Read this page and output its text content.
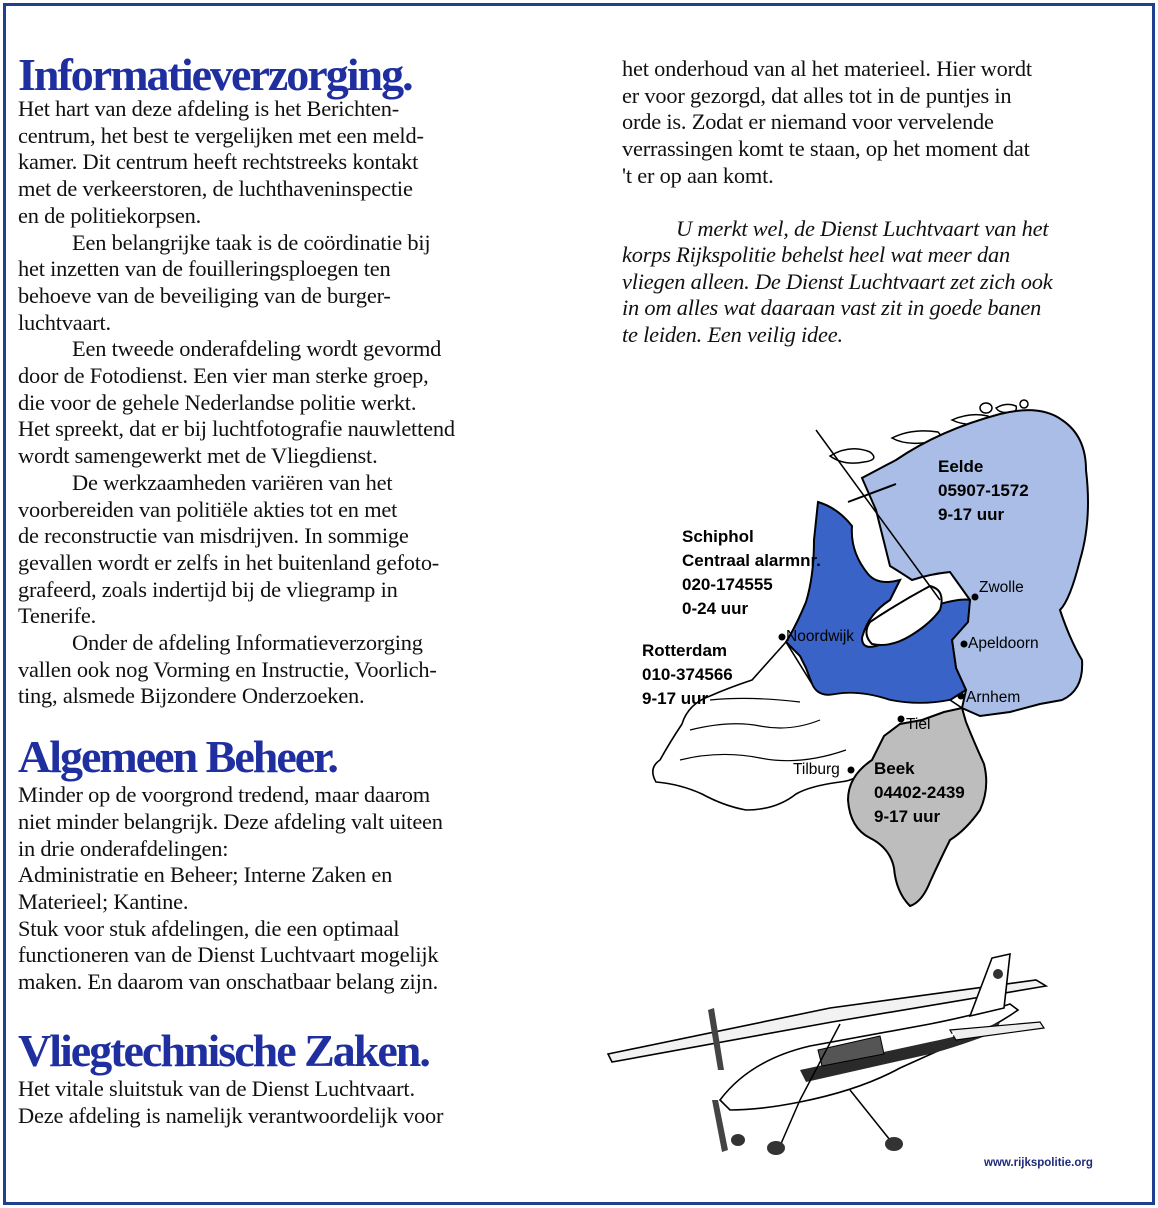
Informatieverzorging.

Het hart van deze afdeling is het Berichten-
centrum, het best te vergelijken met een meld-
kamer. Dit centrum heeft rechtstreeks kontakt
met de verkeerstoren, de luchthaveninspectie
en de politiekorpsen.

Een belangrijke taak is de coördinatie bij
het inzetten van de fouilleringsploegen ten
behoeve van de beveiliging van de burger-
luchtvaart.

Een tweede onderafdeling wordt gevormd
door de Fotodienst. Een vier man sterke groep,
die voor de gehele Nederlandse politie werkt.
Het spreekt, dat er bij luchtfotografie nauwlettend
wordt samengewerkt met de Vliegdienst.

De werkzaamheden variëren van het
voorbereiden van politiële akties tot en met
de reconstructie van misdrijven. In sommige
gevallen wordt er zelfs in het buitenland gefoto-
grafeerd, zoals indertijd bij de vliegramp in
Tenerife.

Onder de afdeling Informatieverzorging
vallen ook nog Vorming en Instructie, Voorlich-
ting, alsmede Bijzondere Onderzoeken.

Algemeen Beheer.

Minder op de voorgrond tredend, maar daarom
niet minder belangrijk. Deze afdeling valt uiteen
in drie onderafdelingen:
Administratie en Beheer; Interne Zaken en
Materieel; Kantine.
Stuk voor stuk afdelingen, die een optimaal
functioneren van de Dienst Luchtvaart mogelijk
maken. En daarom van onschatbaar belang zijn.

Vliegtechnische Zaken.

Het vitale sluitstuk van de Dienst Luchtvaart.
Deze afdeling is namelijk verantwoordelijk voor

het onderhoud van al het materieel. Hier wordt
er voor gezorgd, dat alles tot in de puntjes in
orde is. Zodat er niemand voor vervelende
verrassingen komt te staan, op het moment dat
't er op aan komt.

U merkt wel, de Dienst Luchtvaart van het
korps Rijkspolitie behelst heel wat meer dan
vliegen alleen. De Dienst Luchtvaart zet zich ook
in om alles wat daaraan vast zit in goede banen
te leiden. Een veilig idee.

Zwolle
Noordwijk	Apeldoorn
Arnhem
Tiel
Tilburg
Eelde 05907-1572 9-17 uur
Schiphol Centraal alarmnr. 020-174555 0-24 uur
Rotterdam 010-374566 9-17 uur
Beek 04402-2439 9-17 uur
PH-RPC
www.rijkspolitie.org
